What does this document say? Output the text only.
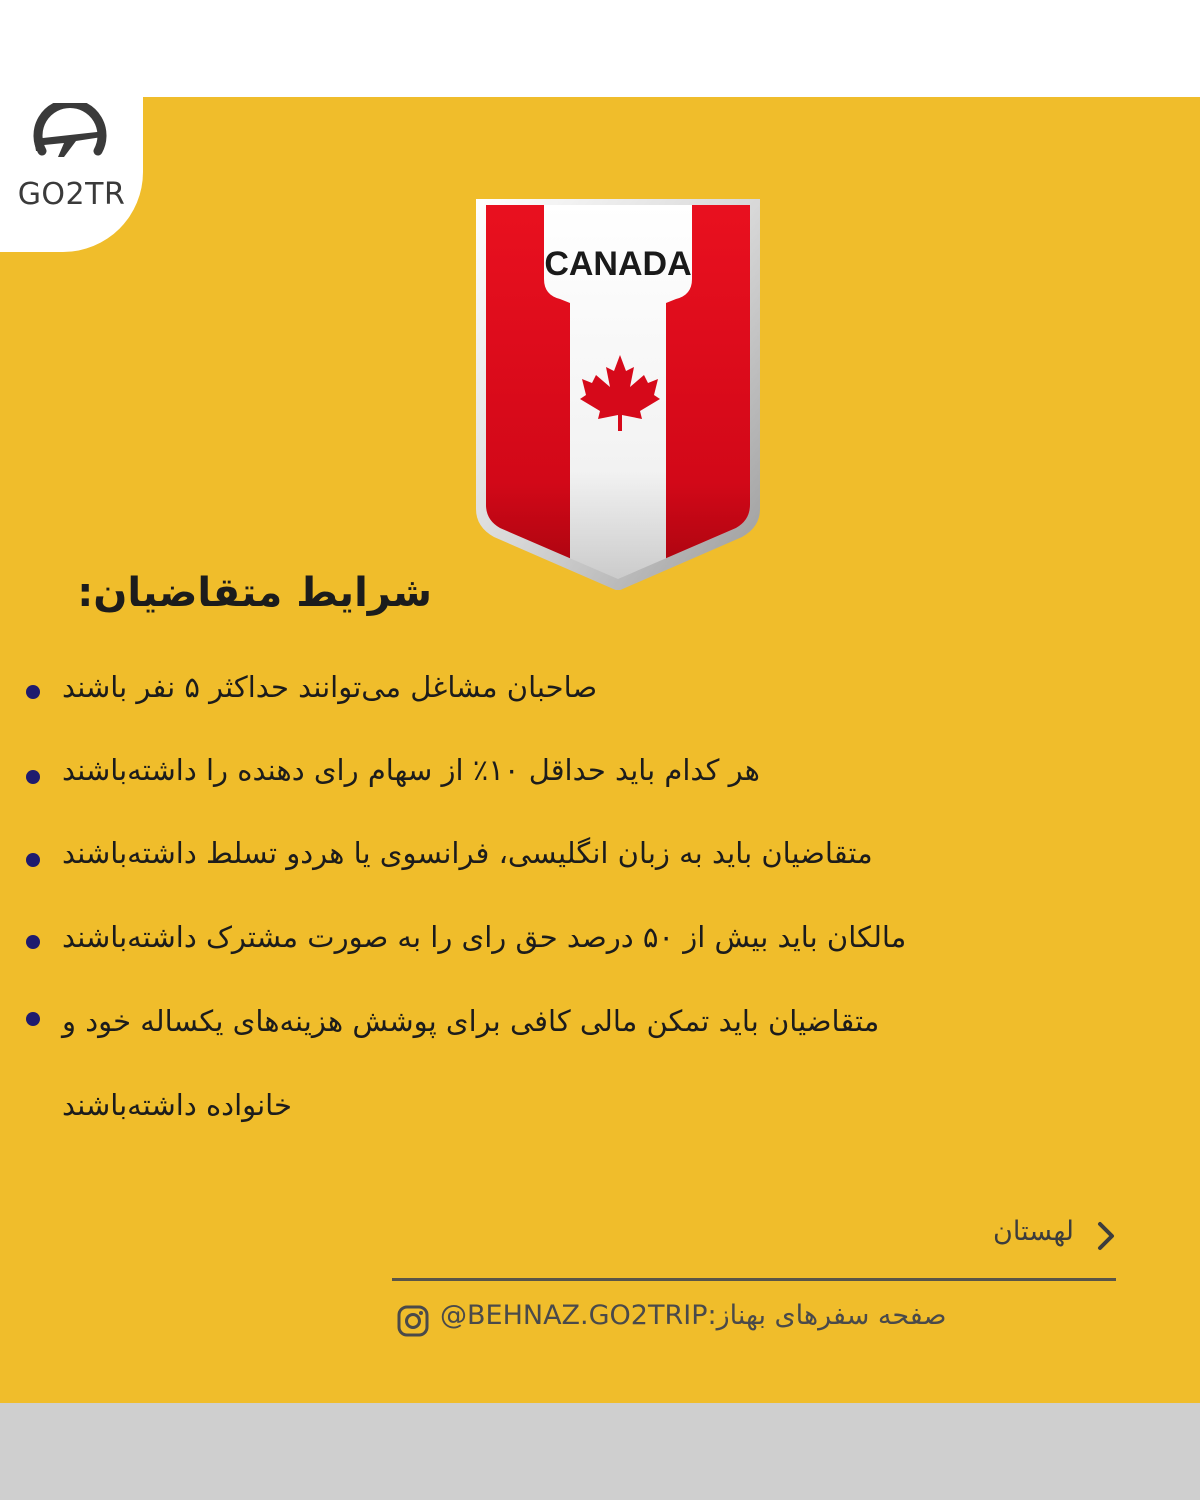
GO2TR
CANADA
شرایط متقاضیان:
صاحبان مشاغل می‌توانند حداکثر ۵ نفر باشند
هر کدام باید حداقل ۱۰٪ از سهام رای دهنده را داشته‌باشند
متقاضیان باید به زبان انگلیسی، فرانسوی یا هردو تسلط داشته‌باشند
مالکان باید بیش از ۵۰ درصد حق رای را به صورت مشترک داشته‌باشند
متقاضیان باید تمکن مالی کافی برای پوشش هزینه‌های یکساله خود و
خانواده داشته‌باشند
لهستان
@BEHNAZ.GO2TRIPصفحه سفرهای بهناز:
